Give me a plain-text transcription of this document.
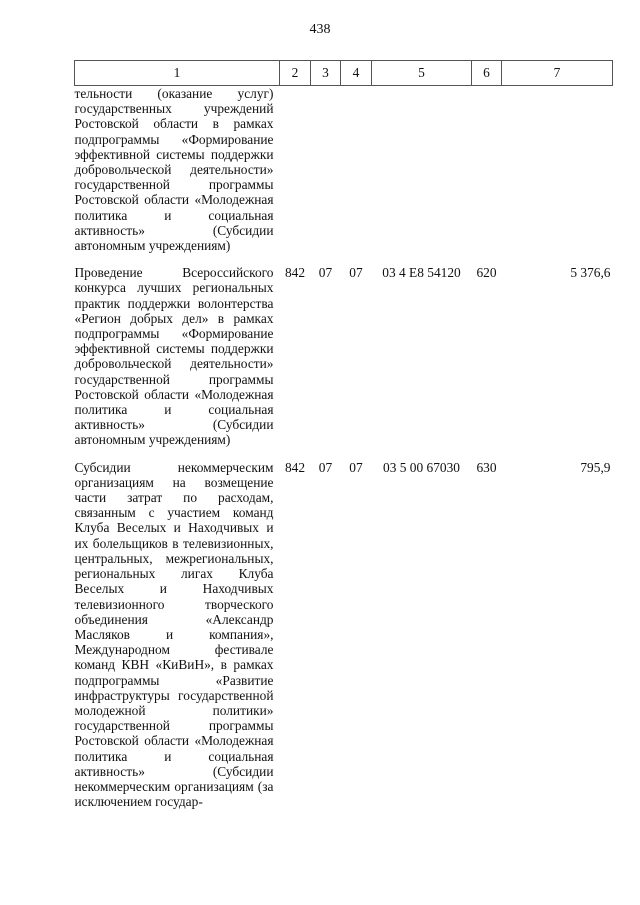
438
1	2	3	4	5	6	7
тельности (оказание услуг) государственных учреждений Ростовской области в рамках подпрограммы «Формирование эффективной системы поддержки добровольческой деятельности» государственной программы Ростовской области «Молодежная политика и социальная активность» (Субсидии автономным учреждениям)						
Проведение Всероссийского конкурса лучших региональных практик поддержки волонтерства «Регион добрых дел» в рамках подпрограммы «Формирование эффективной системы поддержки добровольческой деятельности» государственной программы Ростовской области «Молодежная политика и социальная активность» (Субсидии автономным учреждениям)	842	07	07	03 4 E8 54120	620	5 376,6
Субсидии некоммерческим организациям на возмещение части затрат по расходам, связанным с участием команд Клуба Веселых и Находчивых и их болельщиков в телевизионных, центральных, межрегиональных, региональных лигах Клуба Веселых и Находчивых телевизионного творческого объединения «Александр Масляков и компания», Международном фестивале команд КВН «КиВиН», в рамках подпрограммы «Развитие инфраструктуры государственной молодежной политики» государственной программы Ростовской области «Молодежная политика и социальная активность» (Субсидии некоммерческим организациям (за исключением государ-	842	07	07	03 5 00 67030	630	795,9
